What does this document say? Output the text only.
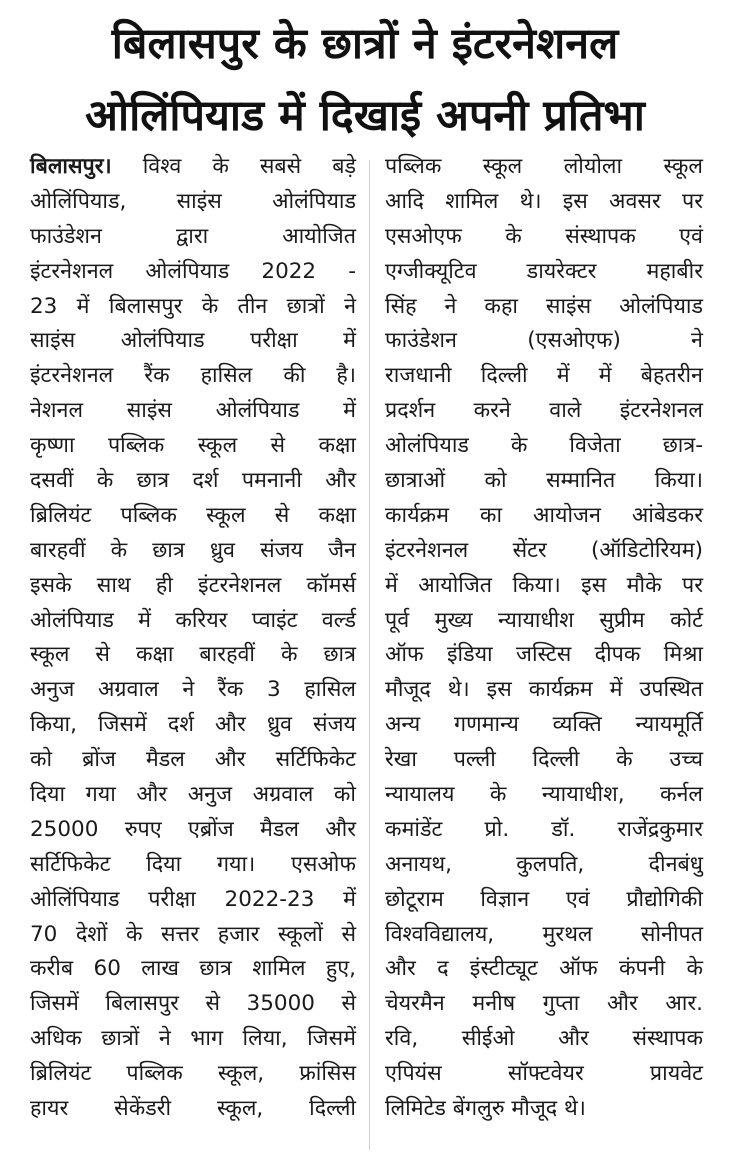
बिलासपुर के छात्रों ने इंटरनेशनल
ओलिंपियाड में दिखाई अपनी प्रतिभा
बिलासपुर। विश्व के सबसे बड़े
ओलिंपियाड, साइंस ओलंपियाड
फाउंडेशन द्वारा आयोजित
इंटरनेशनल ओलंपियाड 2022 -
23 में बिलासपुर के तीन छात्रों ने
साइंस ओलंपियाड परीक्षा में
इंटरनेशनल रैंक हासिल की है।
नेशनल साइंस ओलंपियाड में
कृष्णा पब्लिक स्कूल से कक्षा
दसवीं के छात्र दर्श पमनानी और
ब्रिलियंट पब्लिक स्कूल से कक्षा
बारहवीं के छात्र ध्रुव संजय जैन
इसके साथ ही इंटरनेशनल कॉमर्स
ओलंपियाड में करियर प्वाइंट वर्ल्ड
स्कूल से कक्षा बारहवीं के छात्र
अनुज अग्रवाल ने रैंक 3 हासिल
किया, जिसमें दर्श और ध्रुव संजय
को ब्रोंज मैडल और सर्टिफिकेट
दिया गया और अनुज अग्रवाल को
25000 रुपए एब्रोंज मैडल और
सर्टिफिकेट दिया गया। एसओफ
ओलिंपियाड परीक्षा 2022-23 में
70 देशों के सत्तर हजार स्कूलों से
करीब 60 लाख छात्र शामिल हुए,
जिसमें बिलासपुर से 35000 से
अधिक छात्रों ने भाग लिया, जिसमें
ब्रिलियंट पब्लिक स्कूल, फ्रांसिस
हायर सेकेंडरी स्कूल, दिल्ली
पब्लिक स्कूल लोयोला स्कूल
आदि शामिल थे। इस अवसर पर
एसओएफ के संस्थापक एवं
एग्जीक्यूटिव डायरेक्टर महाबीर
सिंह ने कहा साइंस ओलंपियाड
फाउंडेशन (एसओएफ) ने
राजधानी दिल्ली में में बेहतरीन
प्रदर्शन करने वाले इंटरनेशनल
ओलंपियाड के विजेता छात्र-
छात्राओं को सम्मानित किया।
कार्यक्रम का आयोजन आंबेडकर
इंटरनेशनल सेंटर (ऑडिटोरियम)
में आयोजित किया। इस मौके पर
पूर्व मुख्य न्यायाधीश सुप्रीम कोर्ट
ऑफ इंडिया जस्टिस दीपक मिश्रा
मौजूद थे। इस कार्यक्रम में उपस्थित
अन्य गणमान्य व्यक्ति न्यायमूर्ति
रेखा पल्ली दिल्ली के उच्च
न्यायालय के न्यायाधीश, कर्नल
कमांडेंट प्रो. डॉ. राजेंद्रकुमार
अनायथ, कुलपति, दीनबंधु
छोटूराम विज्ञान एवं प्रौद्योगिकी
विश्वविद्यालय, मुरथल सोनीपत
और द इंस्टीट्यूट ऑफ कंपनी के
चेयरमैन मनीष गुप्ता और आर.
रवि, सीईओ और संस्थापक
एपियंस सॉफ्टवेयर प्रायवेट
लिमिटेड बेंगलुरु मौजूद थे।
